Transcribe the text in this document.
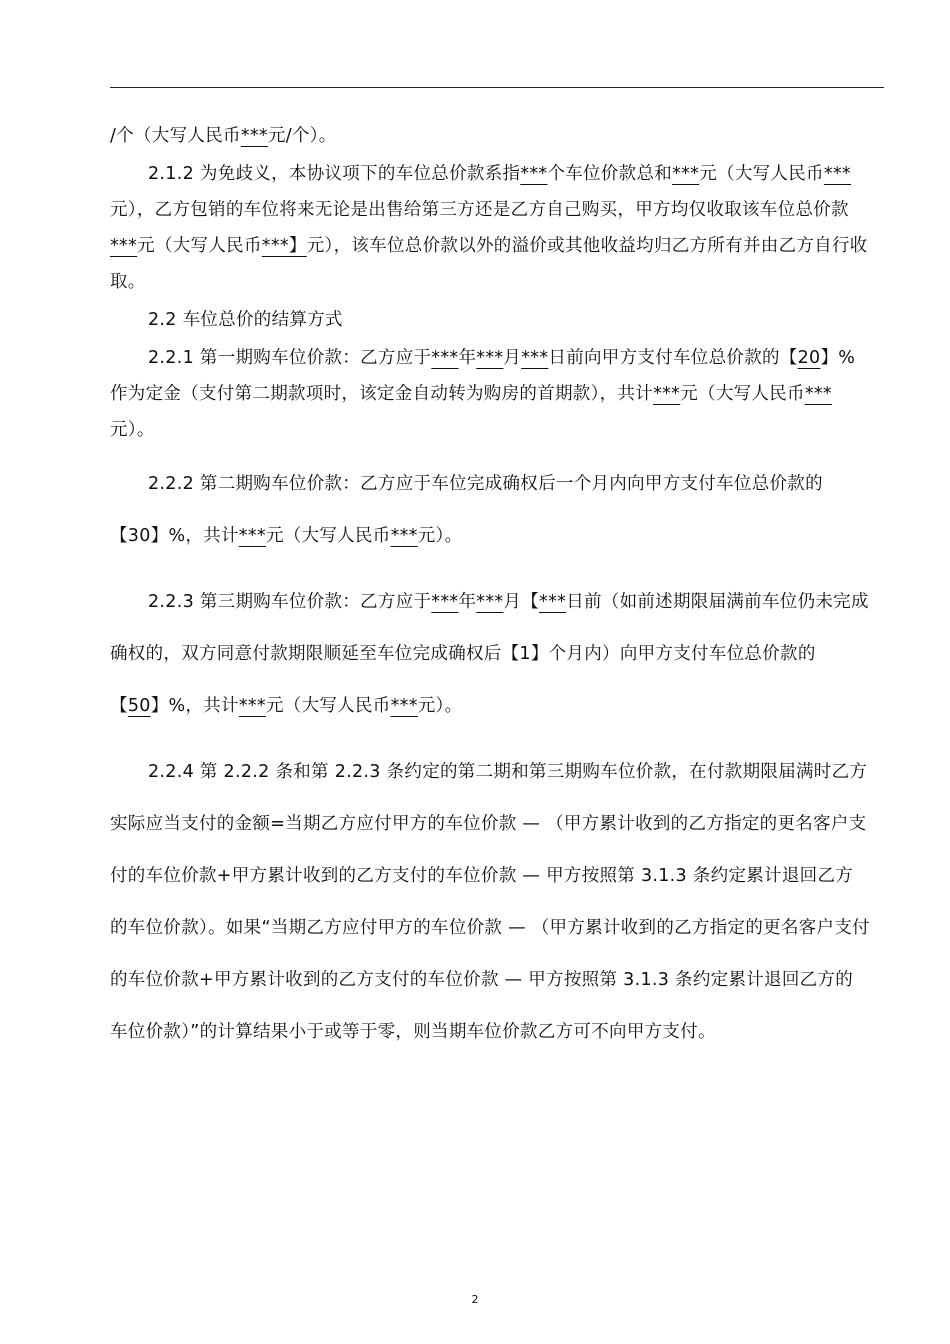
/个（大写人民币***元/个）。

2.1.2 为免歧义，本协议项下的车位总价款系指***个车位价款总和***元（大写人民币***元），乙方包销的车位将来无论是出售给第三方还是乙方自己购买，甲方均仅收取该车位总价款***元（大写人民币***】元），该车位总价款以外的溢价或其他收益均归乙方所有并由乙方自行收取。

2.2 车位总价的结算方式

2.2.1 第一期购车位价款：乙方应于***年***月***日前向甲方支付车位总价款的【20】%作为定金（支付第二期款项时，该定金自动转为购房的首期款），共计***元（大写人民币***元）。

2.2.2 第二期购车位价款：乙方应于车位完成确权后一个月内向甲方支付车位总价款的【30】%，共计***元（大写人民币***元）。

2.2.3 第三期购车位价款：乙方应于***年***月【***日前（如前述期限届满前车位仍未完成确权的，双方同意付款期限顺延至车位完成确权后【1】个月内）向甲方支付车位总价款的【50】%，共计***元（大写人民币***元）。

2.2.4 第 2.2.2 条和第 2.2.3 条约定的第二期和第三期购车位价款，在付款期限届满时乙方实际应当支付的金额=当期乙方应付甲方的车位价款 — （甲方累计收到的乙方指定的更名客户支付的车位价款+甲方累计收到的乙方支付的车位价款 — 甲方按照第 3.1.3 条约定累计退回乙方的车位价款）。如果“当期乙方应付甲方的车位价款 — （甲方累计收到的乙方指定的更名客户支付的车位价款+甲方累计收到的乙方支付的车位价款 — 甲方按照第 3.1.3 条约定累计退回乙方的车位价款）”的计算结果小于或等于零，则当期车位价款乙方可不向甲方支付。

2
